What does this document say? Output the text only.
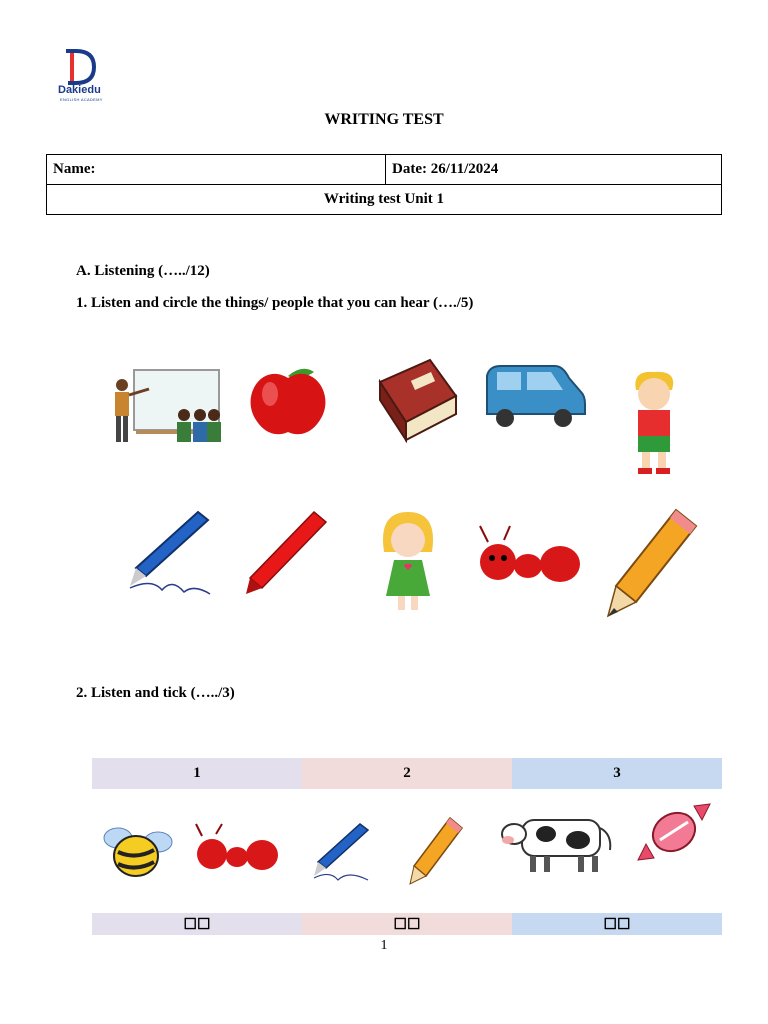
Dakiedu
ENGLISH ACADEMY
WRITING TEST
Name:	Date: 26/11/2024
Writing test Unit 1
A. Listening (…../12)
1. Listen and circle the things/ people that you can hear (…./5)
2. Listen and tick (…../3)
1	2	3
☐ ☐	☐ ☐	☐ ☐
1
